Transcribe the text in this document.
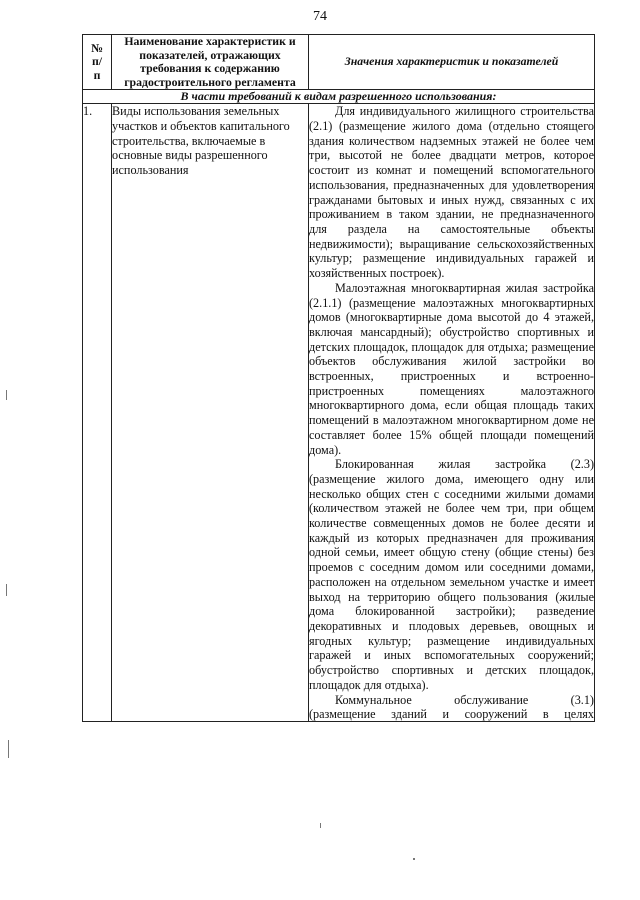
74
№
п/
п	Наименование характеристик и показателей, отражающих требования к содержанию градостроительного регламента	Значения характеристик и показателей
В части требований к видам разрешенного использования:		
1.	Виды использования земельных участков и объектов капитального строительства, включаемые в основные виды разрешенного использования	Для индивидуального жилищного строительства (2.1) (размещение жилого дома (отдельно стоящего здания количеством надземных этажей не более чем три, высотой не более двадцати метров, которое состоит из комнат и помещений вспомогательного использования, предназначенных для удовлетворения гражданами бытовых и иных нужд, связанных с их проживанием в таком здании, не предназначенного для раздела на самостоятельные объекты недвижимости); выращивание сельскохозяйственных культур; размещение индивидуальных гаражей и хозяйственных построек).

Малоэтажная многоквартирная жилая застройка (2.1.1) (размещение малоэтажных многоквартирных домов (многоквартирные дома высотой до 4 этажей, включая мансардный); обустройство спортивных и детских площадок, площадок для отдыха; размещение объектов обслуживания жилой застройки во встроенных, пристроенных и встроенно-пристроенных помещениях малоэтажного многоквартирного дома, если общая площадь таких помещений в малоэтажном многоквартирном доме не составляет более 15% общей площади помещений дома).

Блокированная жилая застройка (2.3) (размещение жилого дома, имеющего одну или несколько общих стен с соседними жилыми домами (количеством этажей не более чем три, при общем количестве совмещенных домов не более десяти и каждый из которых предназначен для проживания одной семьи, имеет общую стену (общие стены) без проемов с соседним домом или соседними домами, расположен на отдельном земельном участке и имеет выход на территорию общего пользования (жилые дома блокированной застройки); разведение декоративных и плодовых деревьев, овощных и ягодных культур; размещение индивидуальных гаражей и иных вспомогательных сооружений; обустройство спортивных и детских площадок, площадок для отдыха).

Коммунальное обслуживание (3.1)

(размещение зданий и сооружений в целях
